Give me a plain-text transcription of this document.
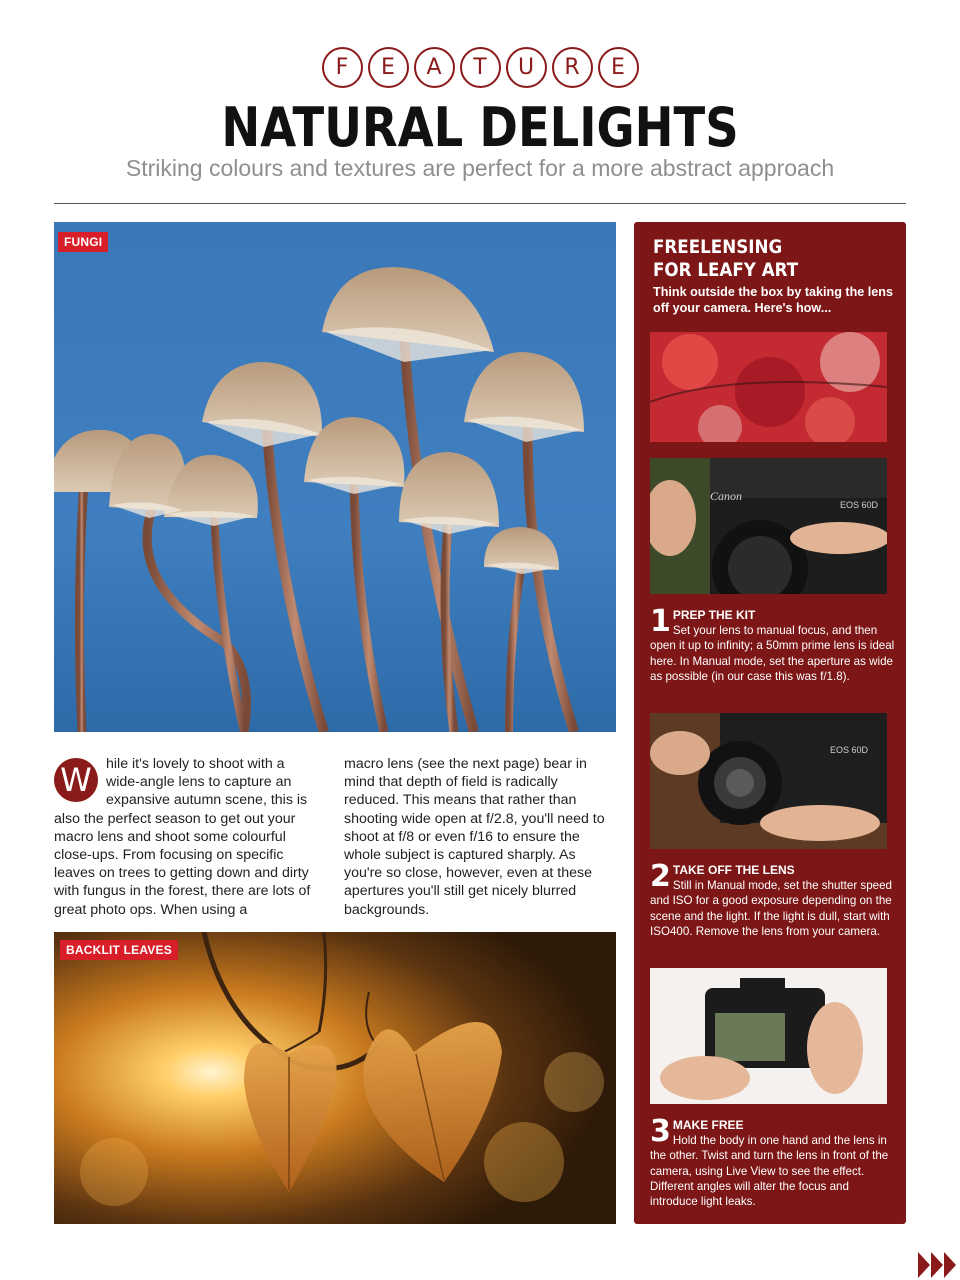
F	E	A	T	U	R	E
NATURAL DELIGHTS
Striking colours and textures are perfect for a more abstract approach
FUNGI
W hile it's lovely to shoot with a wide-angle lens to capture an expansive autumn scene, this is also the perfect season to get out your macro lens and shoot some colourful close-ups. From focusing on specific leaves on trees to getting down and dirty with fungus in the forest, there are lots of great photo ops. When using a
macro lens (see the next page) bear in mind that depth of field is radically reduced. This means that rather than shooting wide open at f/2.8, you'll need to shoot at f/8 or even f/16 to ensure the whole subject is captured sharply. As you're so close, however, even at these apertures you'll still get nicely blurred backgrounds.
BACKLIT LEAVES
FREELENSING
FOR LEAFY ART
Think outside the box by taking the lens off your camera. Here's how...
Canon
EOS 60D
1 PREP THE KIT
Set your lens to manual focus, and then open it up to infinity; a 50mm prime lens is ideal here. In Manual mode, set the aperture as wide as possible (in our case this was f/1.8).
EOS 60D
2 TAKE OFF THE LENS
Still in Manual mode, set the shutter speed and ISO for a good exposure depending on the scene and the light. If the light is dull, start with ISO400. Remove the lens from your camera.
3 MAKE FREE
Hold the body in one hand and the lens in the other. Twist and turn the lens in front of the camera, using Live View to see the effect. Different angles will alter the focus and introduce light leaks.
